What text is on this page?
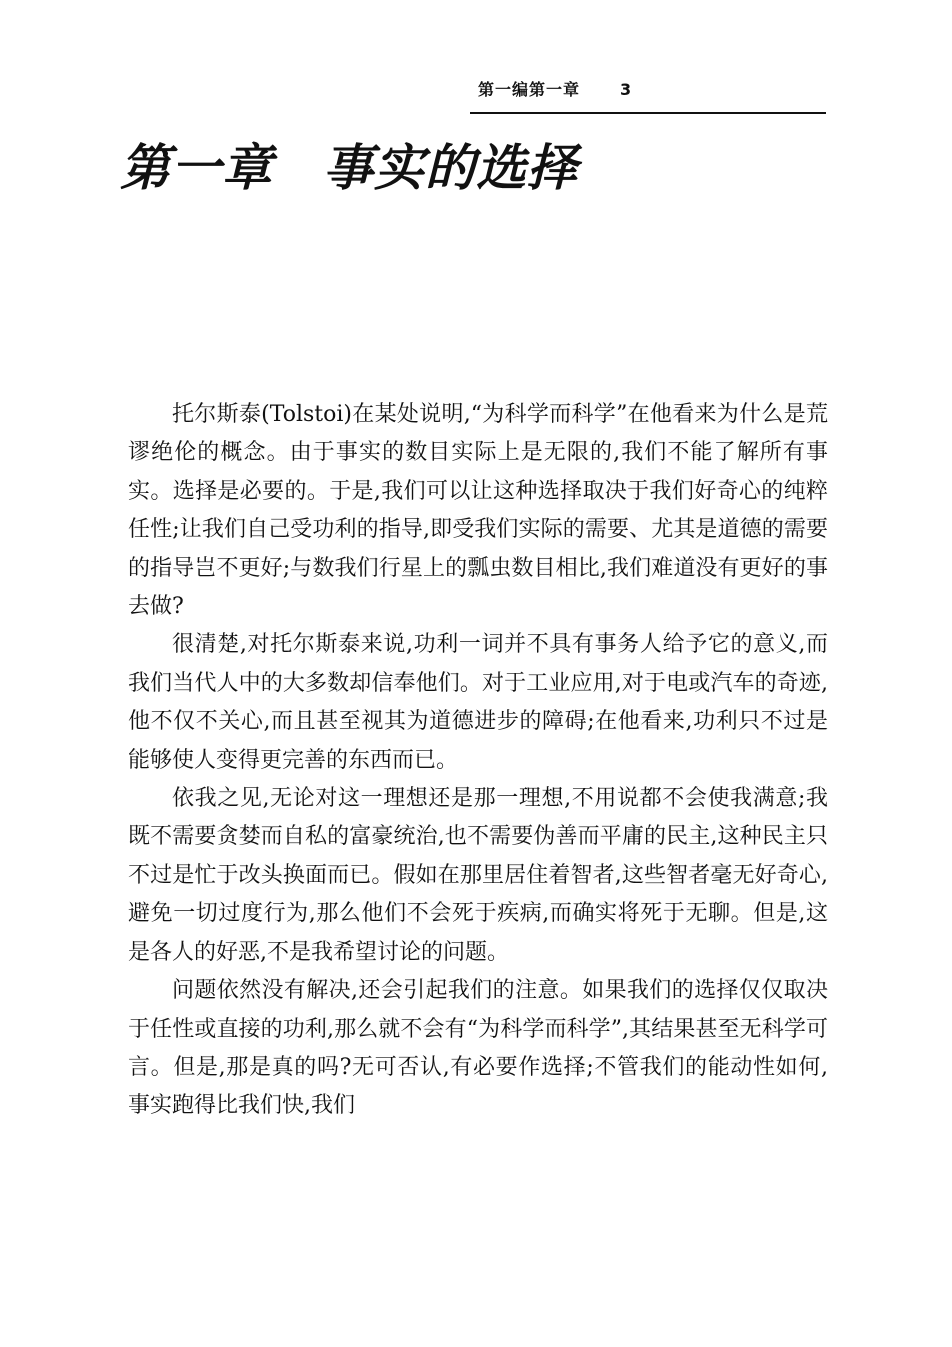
第一编第一章 3
第一章 事实的选择

托尔斯泰(Tolstoi)在某处说明,“为科学而科学”在他看来为什么是荒谬绝伦的概念。由于事实的数目实际上是无限的,我们不能了解所有事实。选择是必要的。于是,我们可以让这种选择取决于我们好奇心的纯粹任性;让我们自己受功利的指导,即受我们实际的需要、尤其是道德的需要的指导岂不更好;与数我们行星上的瓢虫数目相比,我们难道没有更好的事去做?

很清楚,对托尔斯泰来说,功利一词并不具有事务人给予它的意义,而我们当代人中的大多数却信奉他们。对于工业应用,对于电或汽车的奇迹,他不仅不关心,而且甚至视其为道德进步的障碍;在他看来,功利只不过是能够使人变得更完善的东西而已。

依我之见,无论对这一理想还是那一理想,不用说都不会使我满意;我既不需要贪婪而自私的富豪统治,也不需要伪善而平庸的民主,这种民主只不过是忙于改头换面而已。假如在那里居住着智者,这些智者毫无好奇心,避免一切过度行为,那么他们不会死于疾病,而确实将死于无聊。但是,这是各人的好恶,不是我希望讨论的问题。

问题依然没有解决,还会引起我们的注意。如果我们的选择仅仅取决于任性或直接的功利,那么就不会有“为科学而科学”,其结果甚至无科学可言。但是,那是真的吗?无可否认,有必要作选择;不管我们的能动性如何,事实跑得比我们快,我们
